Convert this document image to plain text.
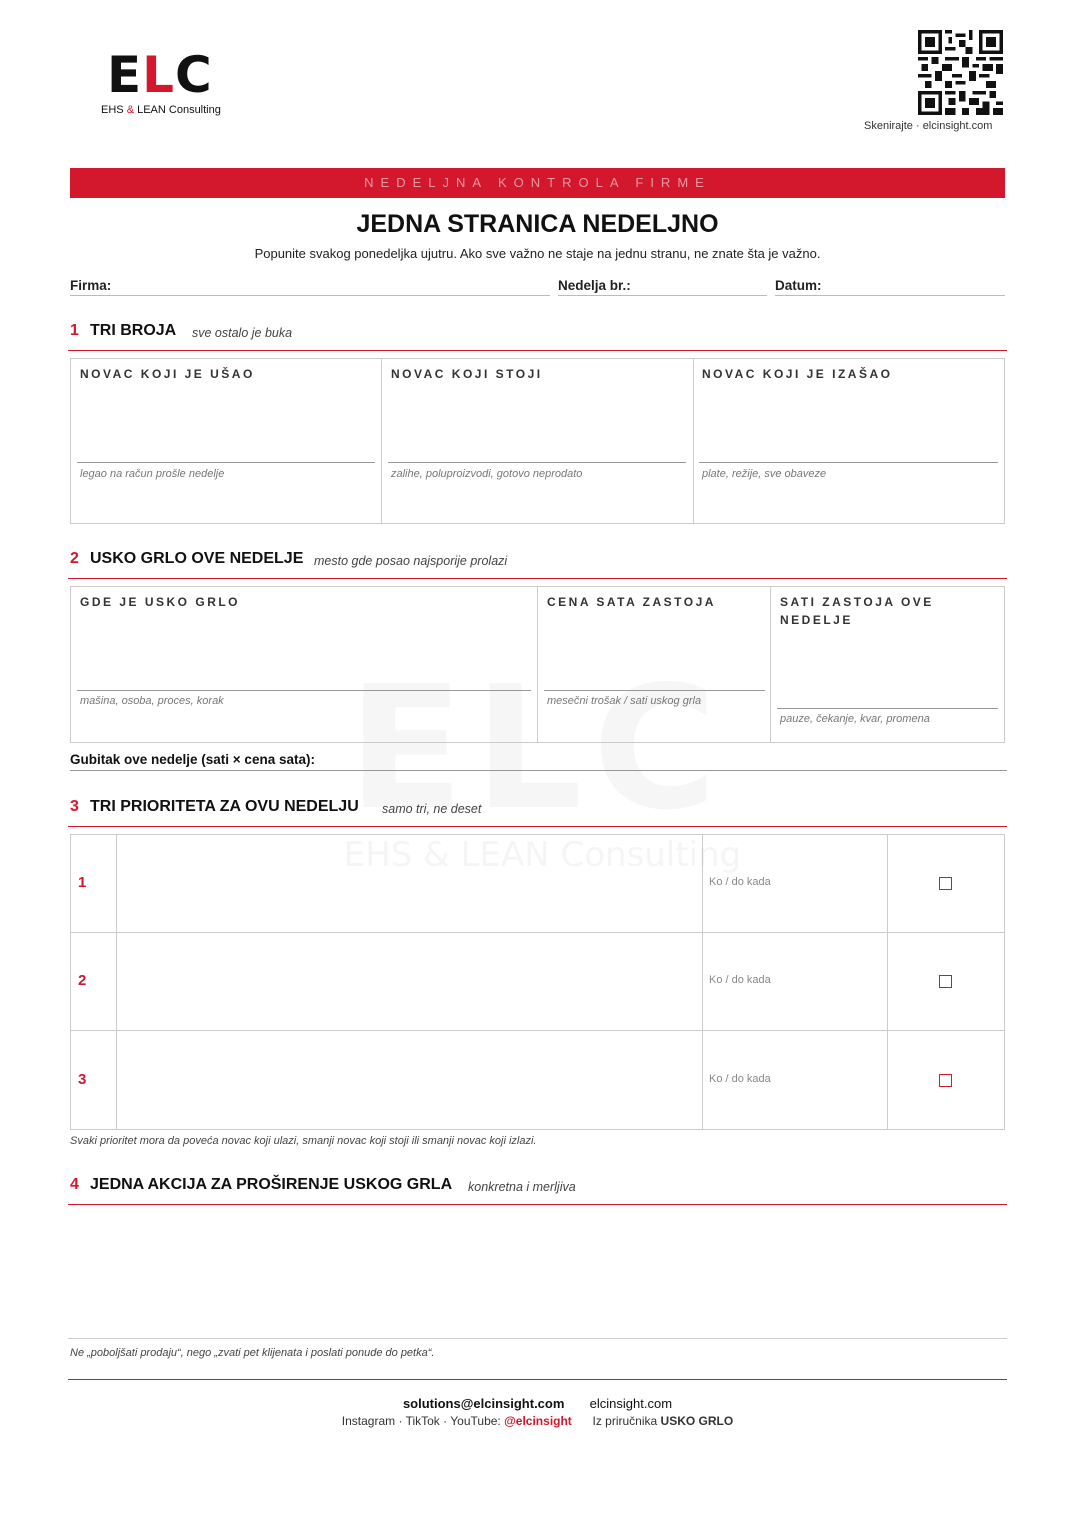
ELC
EHS & LEAN Consulting
Skenirajte · elcinsight.com
NEDELJNA KONTROLA FIRME
JEDNA STRANICA NEDELJNO
Popunite svakog ponedeljka ujutru. Ako sve važno ne staje na jednu stranu, ne znate šta je važno.
Firma:	Nedelja br.:	Datum:
1 TRI BROJA sve ostalo je buka
NOVAC KOJI JE UŠAO
legao na račun prošle nedelje
NOVAC KOJI STOJI
zalihe, poluproizvodi, gotovo neprodato
NOVAC KOJI JE IZAŠAO
plate, režije, sve obaveze
2 USKO GRLO OVE NEDELJE mesto gde posao najsporije prolazi
GDE JE USKO GRLO
mašina, osoba, proces, korak
CENA SATA ZASTOJA
mesečni trošak / sati uskog grla
SATI ZASTOJA OVE NEDELJE
pauze, čekanje, kvar, promena
Gubitak ove nedelje (sati × cena sata):
3 TRI PRIORITETA ZA OVU NEDELJU samo tri, ne deset
1	Ko / do kada
2	Ko / do kada
3	Ko / do kada
Svaki prioritet mora da poveća novac koji ulazi, smanji novac koji stoji ili smanji novac koji izlazi.
4 JEDNA AKCIJA ZA PROŠIRENJE USKOG GRLA konkretna i merljiva
Ne „poboljšati prodaju“, nego „zvati pet klijenata i poslati ponude do petka“.
solutions@elcinsight.com elcinsight.com
Instagram · TikTok · YouTube: @elcinsight Iz priručnika USKO GRLO
